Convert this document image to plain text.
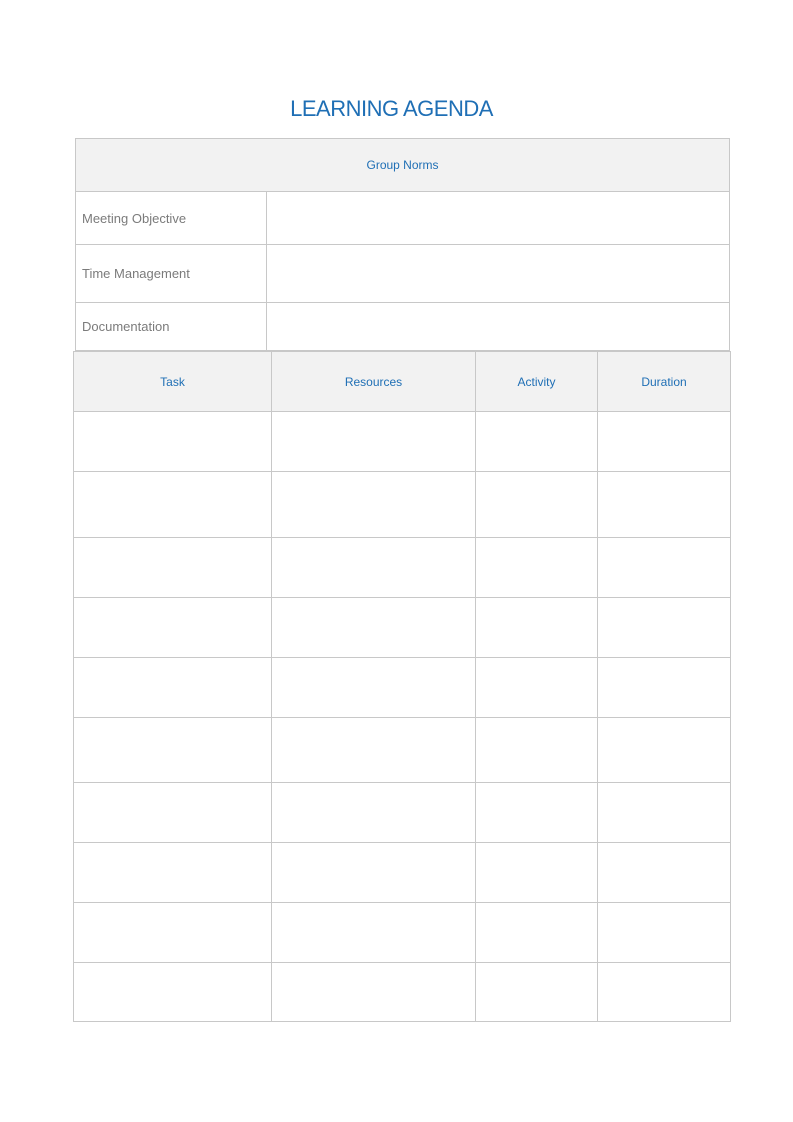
LEARNING AGENDA
Group Norms	
Meeting Objective	
Time Management	
Documentation	
Task	Resources	Activity	Duration
